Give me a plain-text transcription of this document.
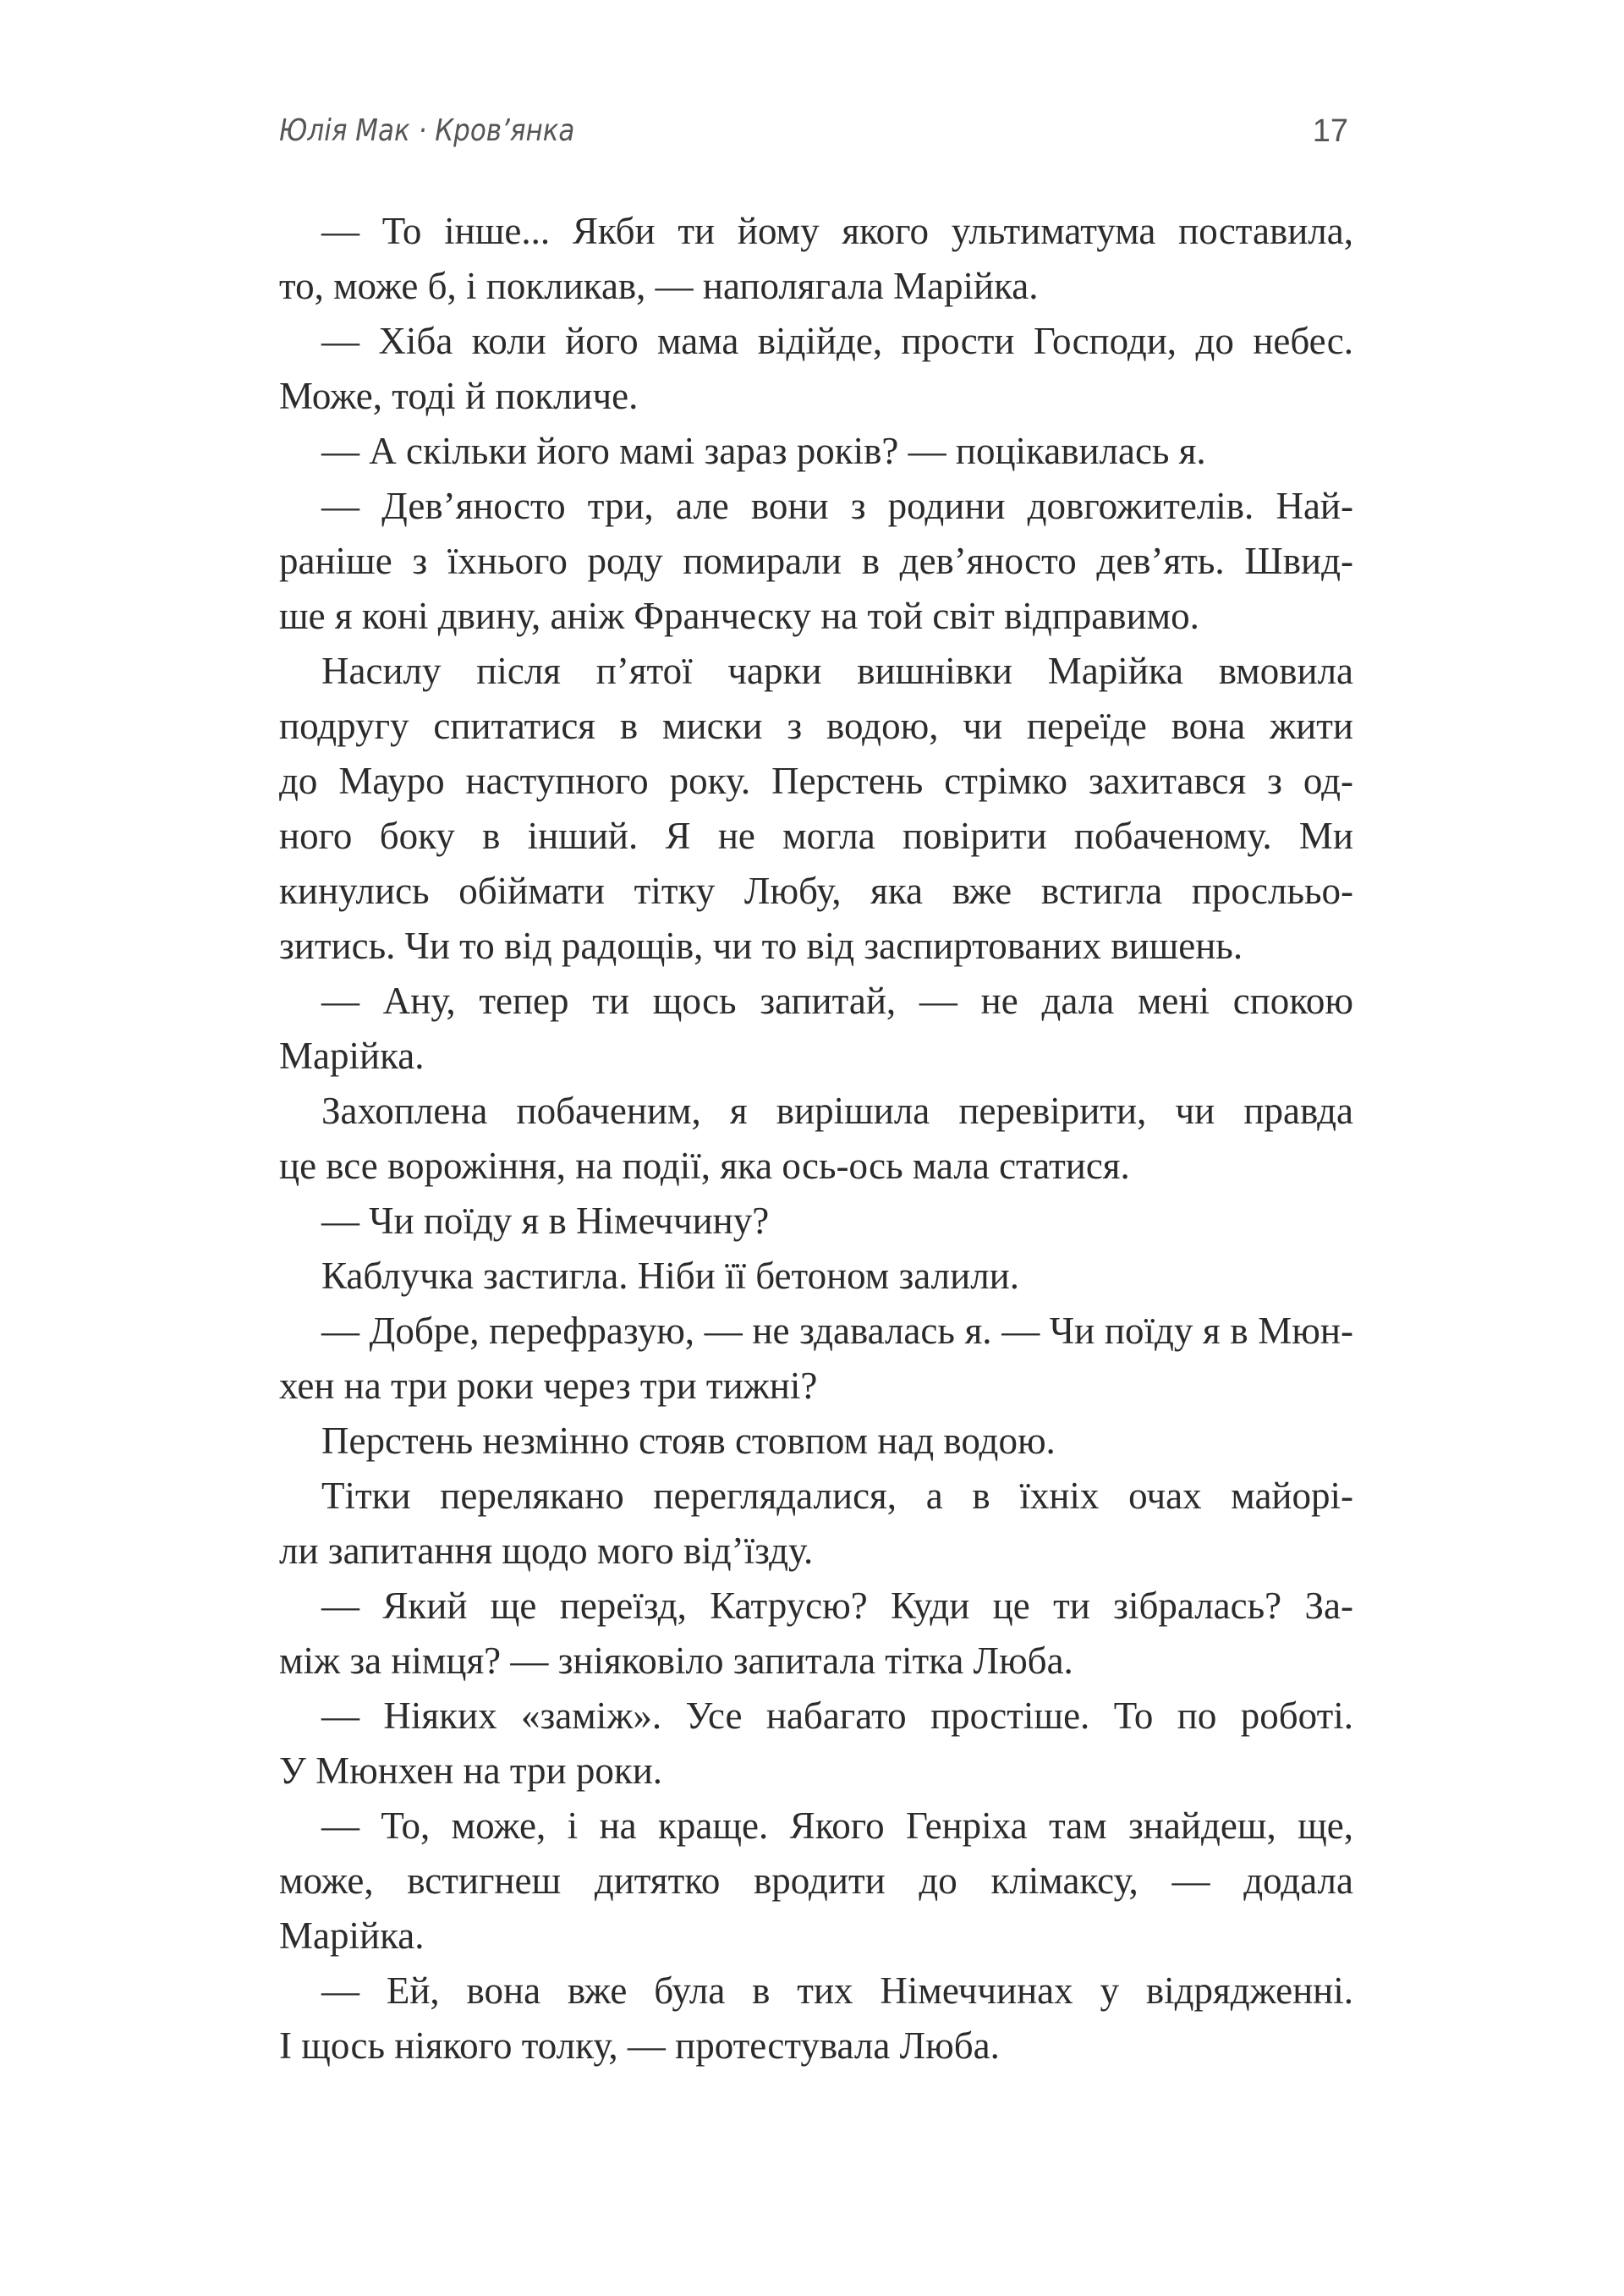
Юлія Мак · Кров’янка	17
— То інше... Якби ти йому якого ультиматума поставила,
то, може б, і покликав, — наполягала Марійка.
— Хіба коли його мама відійде, прости Господи, до небес.
Може, тоді й покличе.
— А скільки його мамі зараз років? — поцікавилась я.
— Дев’яносто три, але вони з родини довгожителів. Най-
раніше з їхнього роду помирали в дев’яносто дев’ять. Швид-
ше я коні двину, аніж Франческу на той світ відправимо.
Насилу після п’ятої чарки вишнівки Марійка вмовила
подругу спитатися в миски з водою, чи переїде вона жити
до Мауро наступного року. Перстень стрімко захитався з од-
ного боку в інший. Я не могла повірити побаченому. Ми
кинулись обіймати тітку Любу, яка вже встигла прослььо-
зитись. Чи то від радощів, чи то від заспиртованих вишень.
— Ану, тепер ти щось запитай, — не дала мені спокою
Марійка.
Захоплена побаченим, я вирішила перевірити, чи правда
це все ворожіння, на події, яка ось-ось мала статися.
— Чи поїду я в Німеччину?
Каблучка застигла. Ніби її бетоном залили.
— Добре, перефразую, — не здавалась я. — Чи поїду я в Мюн-
хен на три роки через три тижні?
Перстень незмінно стояв стовпом над водою.
Тітки перелякано переглядалися, а в їхніх очах майорі-
ли запитання щодо мого від’їзду.
— Який ще переїзд, Катрусю? Куди це ти зібралась? За-
між за німця? — зніяковіло запитала тітка Люба.
— Ніяких «заміж». Усе набагато простіше. То по роботі.
У Мюнхен на три роки.
— То, може, і на краще. Якого Генріха там знайдеш, ще,
може, встигнеш дитятко вродити до клімаксу, — додала
Марійка.
— Ей, вона вже була в тих Німеччинах у відрядженні.
І щось ніякого толку, — протестувала Люба.
